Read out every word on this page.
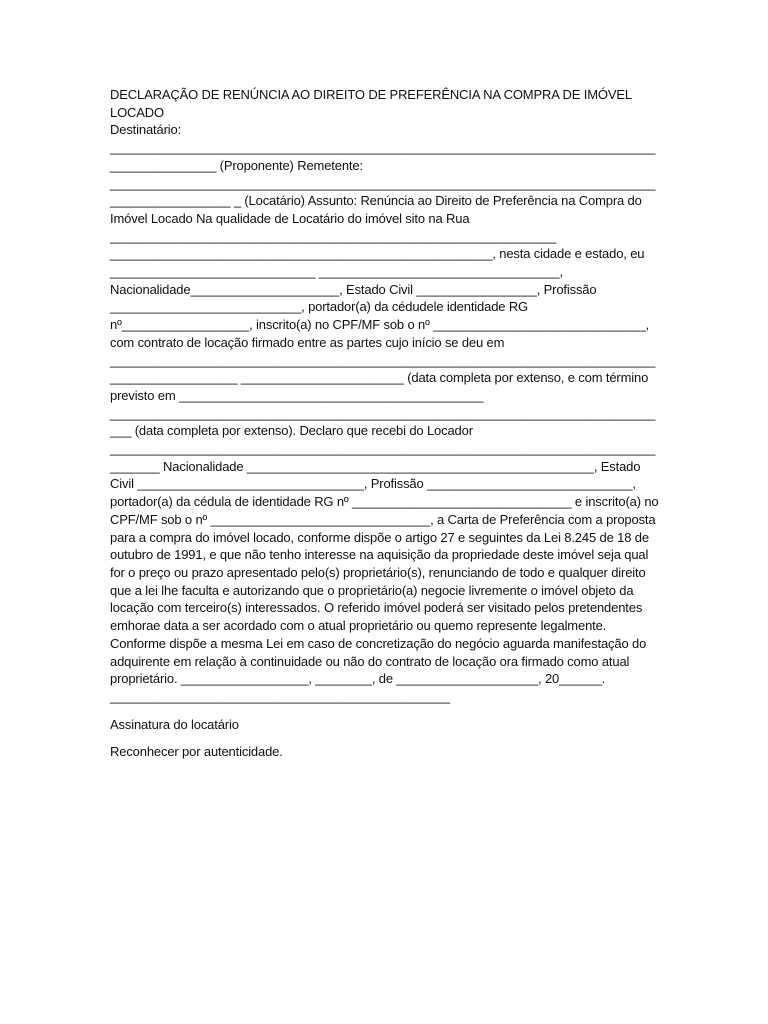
DECLARAÇÃO DE RENÚNCIA AO DIREITO DE PREFERÊNCIA NA COMPRA DE IMÓVEL LOCADO

Destinatário: ____________________________________________________________________________________________ (Proponente) Remetente: ______________________________________________________________________________________________ _ (Locatário) Assunto: Renúncia ao Direito de Preferência na Compra do Imóvel Locado Na qualidade de Locatário do imóvel sito na Rua _______________________________________________________________ ______________________________________________________, nesta cidade e estado, eu _____________________________ __________________________________, Nacionalidade_____________________, Estado Civil _________________, Profissão ___________________________, portador(a) da cédudele identidade RG nº__________________, inscrito(a) no CPF/MF sob o nº ______________________________, com contrato de locação firmado entre as partes cujo início se deu em _______________________________________________________________________________________________ _______________________ (data completa por extenso, e com término previsto em ___________________________________________ ________________________________________________________________________________ (data completa por extenso). Declaro que recebi do Locador ____________________________________________________________________________________ Nacionalidade _________________________________________________, Estado Civil ________________________________, Profissão _____________________________, portador(a) da cédula de identidade RG nº _______________________________ e inscrito(a) no CPF/MF sob o nº _______________________________, a Carta de Preferência com a proposta para a compra do imóvel locado, conforme dispõe o artigo 27 e seguintes da Lei 8.245 de 18 de outubro de 1991, e que não tenho interesse na aquisição da propriedade deste imóvel seja qual for o preço ou prazo apresentado pelo(s) proprietário(s), renunciando de todo e qualquer direito que a lei lhe faculta e autorizando que o proprietário(a) negocie livremente o imóvel objeto da locação com terceiro(s) interessados. O referido imóvel poderá ser visitado pelos pretendentes emhorae data a ser acordado com o atual proprietário ou quemo represente legalmente. Conforme dispõe a mesma Lei em caso de concretização do negócio aguarda manifestação do adquirente em relação à continuidade ou não do contrato de locação ora firmado como atual proprietário. __________________, ________, de ____________________, 20______. ________________________________________________

Assinatura do locatário

Reconhecer por autenticidade.
